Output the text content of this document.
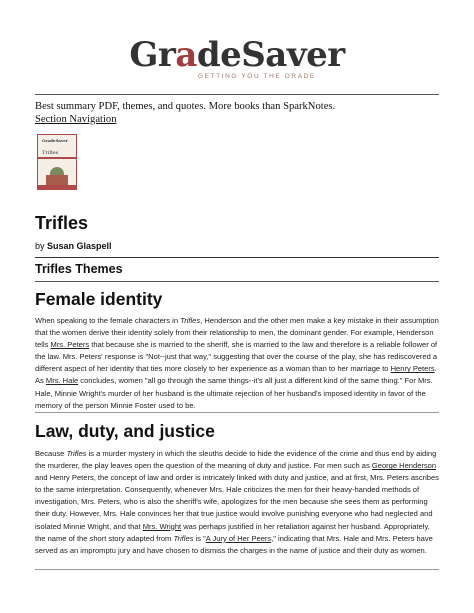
GradeSaver
GETTING YOU THE GRADE
Best summary PDF, themes, and quotes. More books than SparkNotes.
Section Navigation
GradeSaver
Trifles
Trifles
by Susan Glaspell
Trifles Themes
Female identity
When speaking to the female characters in Trifles, Henderson and the other men make a key mistake in their assumption that the women derive their identity solely from their relationship to men, the dominant gender. For example, Henderson tells Mrs. Peters that because she is married to the sheriff, she is married to the law and therefore is a reliable follower of the law. Mrs. Peters' response is "Not--just that way," suggesting that over the course of the play, she has rediscovered a different aspect of her identity that ties more closely to her experience as a woman than to her marriage to Henry Peters. As Mrs. Hale concludes, women "all go through the same things--it's all just a different kind of the same thing." For Mrs. Hale, Minnie Wright's murder of her husband is the ultimate rejection of her husband's imposed identity in favor of the memory of the person Minnie Foster used to be.
Law, duty, and justice
Because Trifles is a murder mystery in which the sleuths decide to hide the evidence of the crime and thus end by aiding the murderer, the play leaves open the question of the meaning of duty and justice. For men such as George Henderson and Henry Peters, the concept of law and order is intricately linked with duty and justice, and at first, Mrs. Peters ascribes to the same interpretation. Consequently, whenever Mrs. Hale criticizes the men for their heavy-handed methods of investigation, Mrs. Peters, who is also the sheriff's wife, apologizes for the men because she sees them as performing their duty. However, Mrs. Hale convinces her that true justice would involve punishing everyone who had neglected and isolated Minnie Wright, and that Mrs. Wright was perhaps justified in her retaliation against her husband. Appropriately, the name of the short story adapted from Trifles is "A Jury of Her Peers," indicating that Mrs. Hale and Mrs. Peters have served as an impromptu jury and have chosen to dismiss the charges in the name of justice and their duty as women.
